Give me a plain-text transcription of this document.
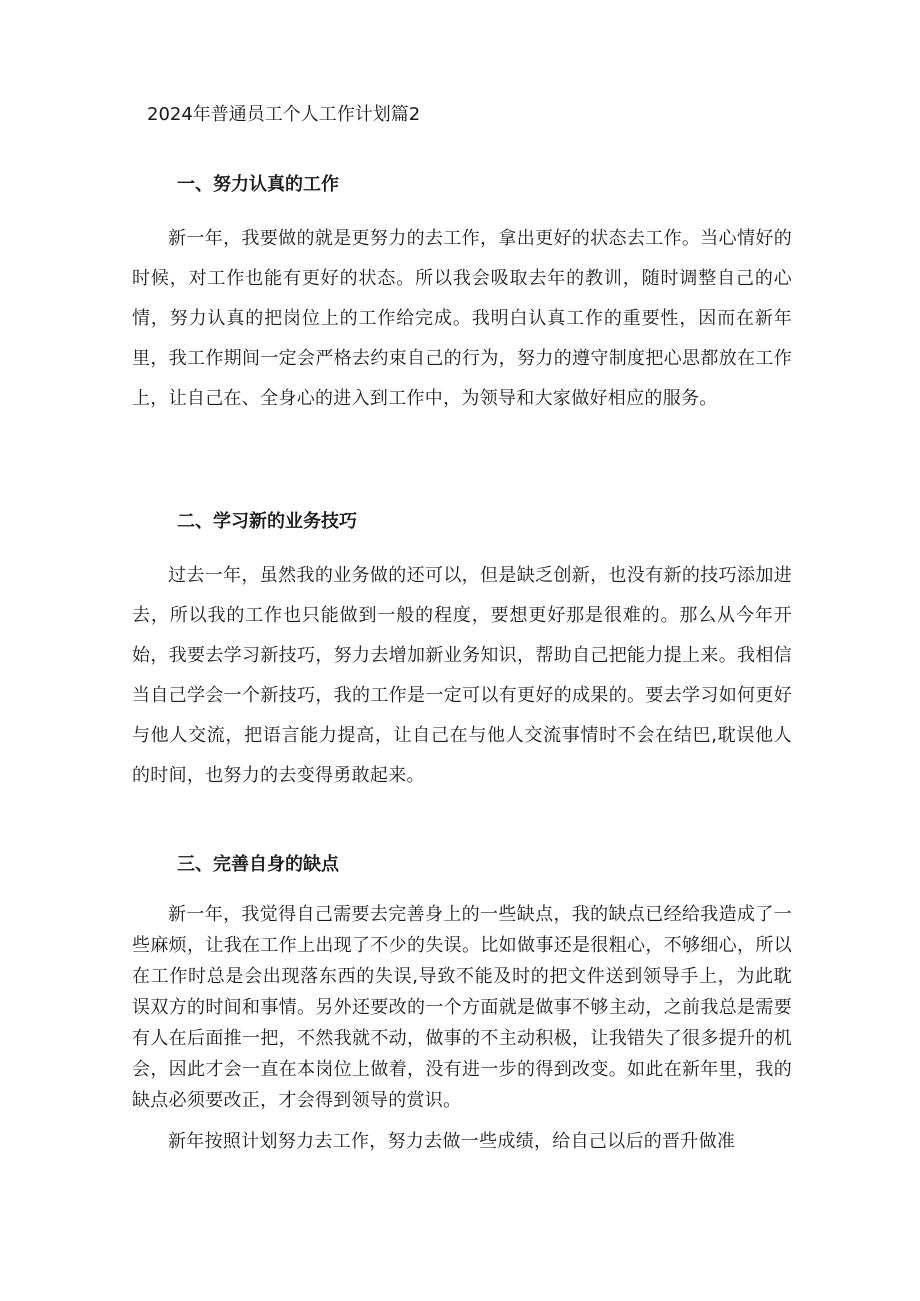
2024年普通员工个人工作计划篇2
一、努力认真的工作

新一年，我要做的就是更努力的去工作，拿出更好的状态去工作。当心情好的时候，对工作也能有更好的状态。所以我会吸取去年的教训，随时调整自己的心情，努力认真的把岗位上的工作给完成。我明白认真工作的重要性，因而在新年里，我工作期间一定会严格去约束自己的行为，努力的遵守制度把心思都放在工作上，让自己在、全身心的进入到工作中，为领导和大家做好相应的服务。

二、学习新的业务技巧

过去一年，虽然我的业务做的还可以，但是缺乏创新，也没有新的技巧添加进去，所以我的工作也只能做到一般的程度，要想更好那是很难的。那么从今年开始，我要去学习新技巧，努力去增加新业务知识，帮助自己把能力提上来。我相信当自己学会一个新技巧，我的工作是一定可以有更好的成果的。要去学习如何更好与他人交流，把语言能力提高，让自己在与他人交流事情时不会在结巴,耽误他人的时间，也努力的去变得勇敢起来。

三、完善自身的缺点

新一年，我觉得自己需要去完善身上的一些缺点，我的缺点已经给我造成了一些麻烦，让我在工作上出现了不少的失误。比如做事还是很粗心，不够细心，所以在工作时总是会出现落东西的失误,导致不能及时的把文件送到领导手上，为此耽误双方的时间和事情。另外还要改的一个方面就是做事不够主动，之前我总是需要有人在后面推一把，不然我就不动，做事的不主动积极，让我错失了很多提升的机会，因此才会一直在本岗位上做着，没有进一步的得到改变。如此在新年里，我的缺点必须要改正，才会得到领导的赏识。

新年按照计划努力去工作，努力去做一些成绩，给自己以后的晋升做准
